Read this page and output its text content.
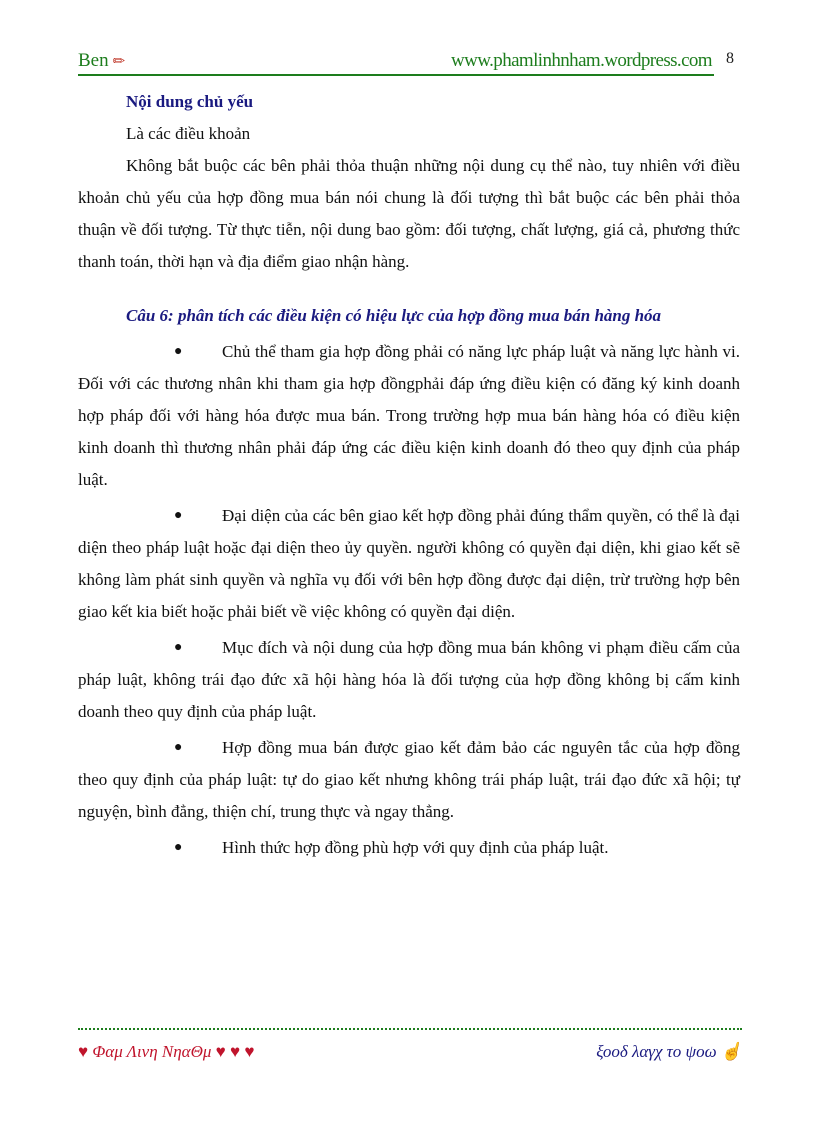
Ben ✏	www.phamlinhnham.wordpress.com 8

Nội dung chủ yếu

Là các điều khoản

Không bắt buộc các bên phải thỏa thuận những nội dung cụ thể nào, tuy nhiên với điều khoản chủ yếu của hợp đồng mua bán nói chung là đối tượng thì bắt buộc các bên phải thỏa thuận về đối tượng. Từ thực tiễn, nội dung bao gồm: đối tượng, chất lượng, giá cả, phương thức thanh toán, thời hạn và địa điểm giao nhận hàng.

Câu 6: phân tích các điều kiện có hiệu lực của hợp đồng mua bán hàng hóa

● Chủ thể tham gia hợp đồng phải có năng lực pháp luật và năng lực hành vi. Đối với các thương nhân khi tham gia hợp đồngphải đáp ứng điều kiện có đăng ký kinh doanh hợp pháp đối với hàng hóa được mua bán. Trong trường hợp mua bán hàng hóa có điều kiện kinh doanh thì thương nhân phải đáp ứng các điều kiện kinh doanh đó theo quy định của pháp luật.

● Đại diện của các bên giao kết hợp đồng phải đúng thẩm quyền, có thể là đại diện theo pháp luật hoặc đại diện theo ủy quyền. người không có quyền đại diện, khi giao kết sẽ không làm phát sinh quyền và nghĩa vụ đối với bên hợp đồng được đại diện, trừ trường hợp bên giao kết kia biết hoặc phải biết về việc không có quyền đại diện.

● Mục đích và nội dung của hợp đồng mua bán không vi phạm điều cấm của pháp luật, không trái đạo đức xã hội hàng hóa là đối tượng của hợp đồng không bị cấm kinh doanh theo quy định của pháp luật.

● Hợp đồng mua bán được giao kết đảm bảo các nguyên tắc của hợp đồng theo quy định của pháp luật: tự do giao kết nhưng không trái pháp luật, trái đạo đức xã hội; tự nguyện, bình đẳng, thiện chí, trung thực và ngay thẳng.

● Hình thức hợp đồng phù hợp với quy định của pháp luật.

♥ Φαμ Λινη ΝηαΘμ ♥ ♥ ♥	ξοοδ λαγχ το ψοω ☝
